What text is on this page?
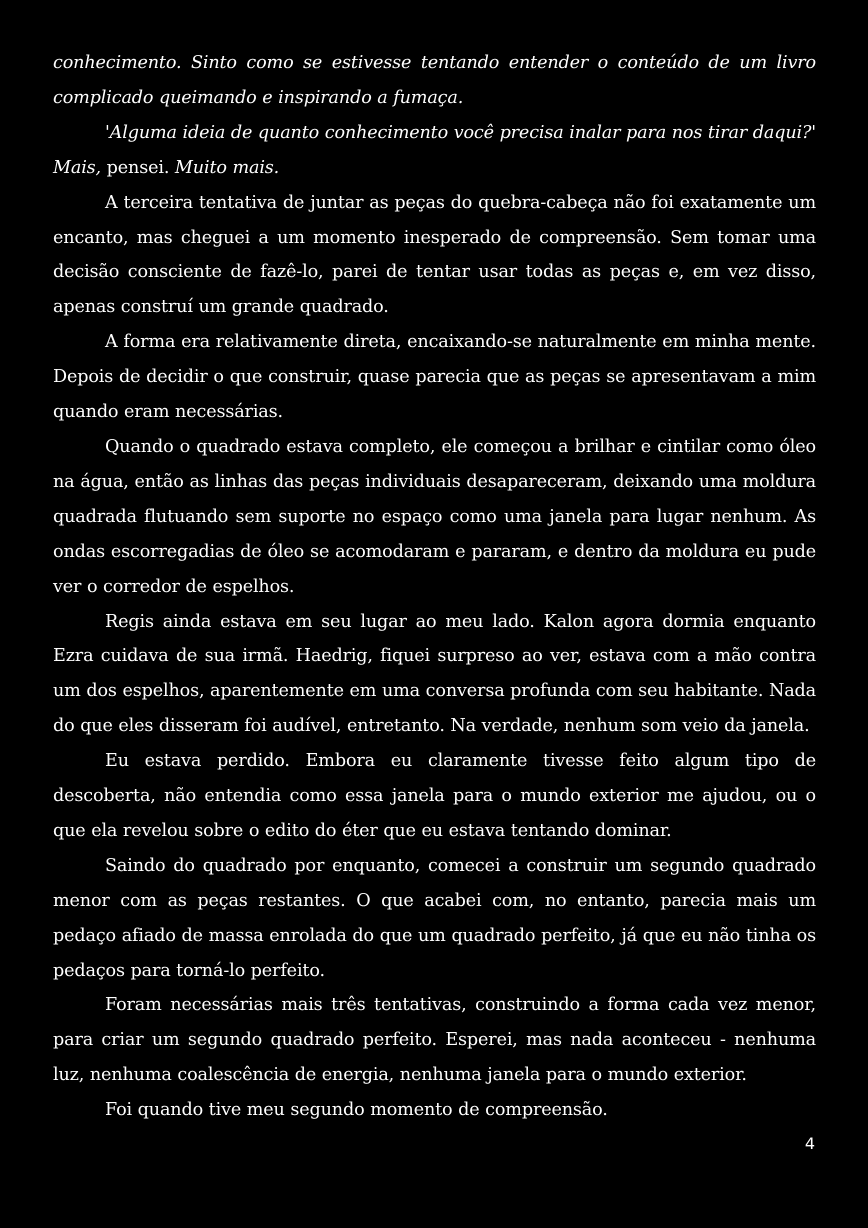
conhecimento. Sinto como se estivesse tentando entender o conteúdo de um livro complicado queimando e inspirando a fumaça.

'Alguma ideia de quanto conhecimento você precisa inalar para nos tirar daqui?' Mais, pensei. Muito mais.

A terceira tentativa de juntar as peças do quebra-cabeça não foi exatamente um encanto, mas cheguei a um momento inesperado de compreensão. Sem tomar uma decisão consciente de fazê-lo, parei de tentar usar todas as peças e, em vez disso, apenas construí um grande quadrado.

A forma era relativamente direta, encaixando-se naturalmente em minha mente. Depois de decidir o que construir, quase parecia que as peças se apresentavam a mim quando eram necessárias.

Quando o quadrado estava completo, ele começou a brilhar e cintilar como óleo na água, então as linhas das peças individuais desapareceram, deixando uma moldura quadrada flutuando sem suporte no espaço como uma janela para lugar nenhum. As ondas escorregadias de óleo se acomodaram e pararam, e dentro da moldura eu pude ver o corredor de espelhos.

Regis ainda estava em seu lugar ao meu lado. Kalon agora dormia enquanto Ezra cuidava de sua irmã. Haedrig, fiquei surpreso ao ver, estava com a mão contra um dos espelhos, aparentemente em uma conversa profunda com seu habitante. Nada do que eles disseram foi audível, entretanto. Na verdade, nenhum som veio da janela.

Eu estava perdido. Embora eu claramente tivesse feito algum tipo de descoberta, não entendia como essa janela para o mundo exterior me ajudou, ou o que ela revelou sobre o edito do éter que eu estava tentando dominar.

Saindo do quadrado por enquanto, comecei a construir um segundo quadrado menor com as peças restantes. O que acabei com, no entanto, parecia mais um pedaço afiado de massa enrolada do que um quadrado perfeito, já que eu não tinha os pedaços para torná-lo perfeito.

Foram necessárias mais três tentativas, construindo a forma cada vez menor, para criar um segundo quadrado perfeito. Esperei, mas nada aconteceu - nenhuma luz, nenhuma coalescência de energia, nenhuma janela para o mundo exterior.

Foi quando tive meu segundo momento de compreensão.

4
